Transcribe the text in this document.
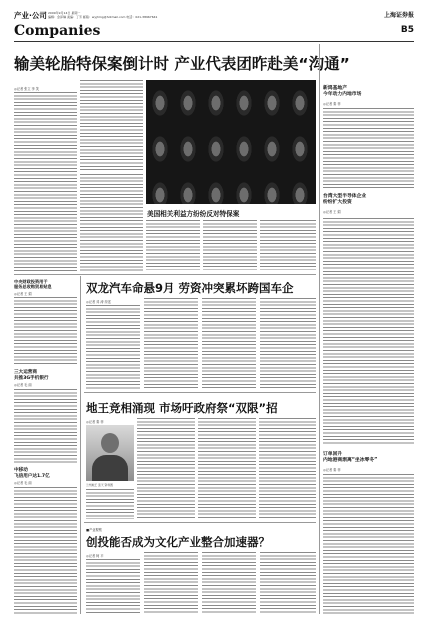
产业·公司 2009年9月14日 星期一
编辑：金泽琳 美编：丁芳 邮箱：wyjhmg@hotmail.com 电话：021-38967641	上海证券报
Companies	B5
输美轮胎特保案倒计时 产业代表团昨赴美“沟通”
◎记者 张立 李 笑
美国相关利益方纷纷反对特保案
新鸿基地产
今年动力内地市场
◎记者 秦 菲
台湾大型半导体企业
纷纷扩大投资
◎记者 王 娟
订单回升
内地港商渐离“坐冰零冬”
◎记者 秦 菲
中央财政投资用于
服务总收购贸易贴息
◎记者 王 娟
三大运营商
共推3G手机银行
◎记者 毛 丽
中移动
飞信用户达1.7亿
◎记者 毛 丽
双龙汽车命悬9月 劳资冲突累坏跨国车企
◎记者 邓 涛 综述
地王竞相涌现 市场吁政府祭“双限”招
◎记者 秦 菲
兰州地王 张天 资料图
■产业观察
创投能否成为文化产业整合加速器？
◎记者 柯 平
